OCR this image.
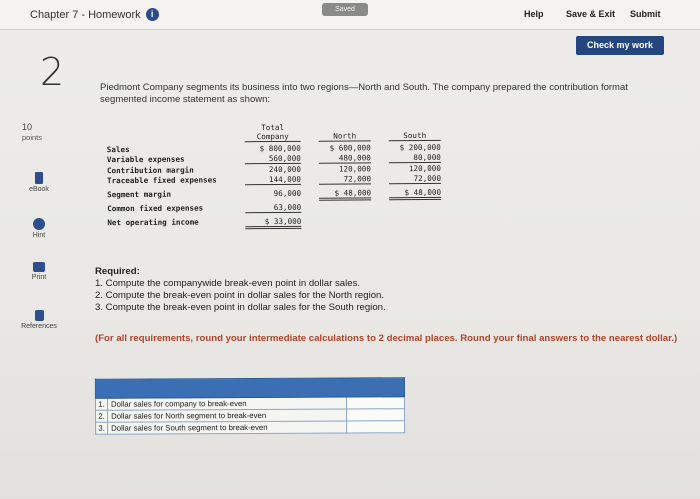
Chapter 7 - Homework	i	Saved	Help Save & Exit Submit
Check my work
2	Piedmont Company segments its business into two regions—North and South. The company prepared the contribution format segmented income statement as shown:
10
points
eBook
Hint
Print
References
Total
Company	North	South
Sales	$ 800,000	$ 600,000	$ 200,000
Variable expenses	560,000	480,000	80,000
Contribution margin	240,000	120,000	120,000
Traceable fixed expenses	144,000	72,000	72,000
Segment margin	96,000	$ 48,000	$ 48,000
Common fixed expenses	63,000
Net operating income	$ 33,000
Required:
1. Compute the companywide break-even point in dollar sales.
2. Compute the break-even point in dollar sales for the North region.
3. Compute the break-even point in dollar sales for the South region.
(For all requirements, round your intermediate calculations to 2 decimal places. Round your final answers to the nearest dollar.)

1.	Dollar sales for company to break-even	
2.	Dollar sales for North segment to break-even	
3.	Dollar sales for South segment to break-even	
